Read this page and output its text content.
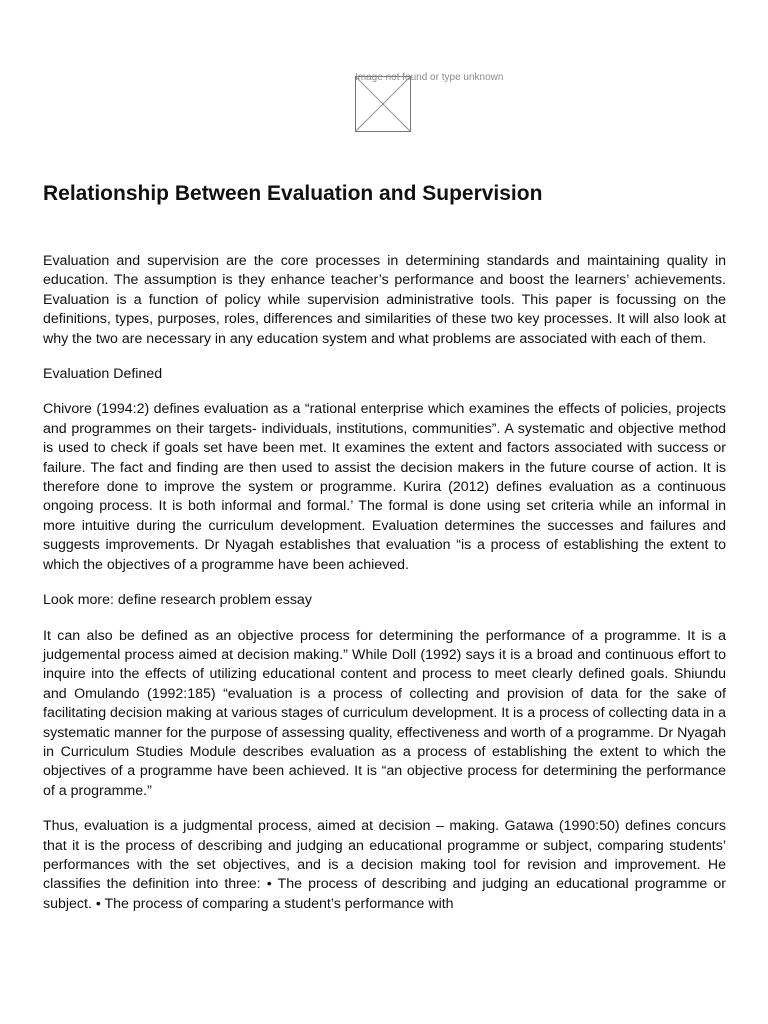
Image not found or type unknown
Relationship Between Evaluation and Supervision

Evaluation and supervision are the core processes in determining standards and maintaining quality in education. The assumption is they enhance teacher’s performance and boost the learners’ achievements. Evaluation is a function of policy while supervision administrative tools. This paper is focussing on the definitions, types, purposes, roles, differences and similarities of these two key processes. It will also look at why the two are necessary in any education system and what problems are associated with each of them.

Evaluation Defined

Chivore (1994:2) defines evaluation as a “rational enterprise which examines the effects of policies, projects and programmes on their targets- individuals, institutions, communities”. A systematic and objective method is used to check if goals set have been met. It examines the extent and factors associated with success or failure. The fact and finding are then used to assist the decision makers in the future course of action. It is therefore done to improve the system or programme. Kurira (2012) defines evaluation as a continuous ongoing process. It is both informal and formal.’ The formal is done using set criteria while an informal in more intuitive during the curriculum development. Evaluation determines the successes and failures and suggests improvements. Dr Nyagah establishes that evaluation “is a process of establishing the extent to which the objectives of a programme have been achieved.

Look more: define research problem essay

It can also be defined as an objective process for determining the performance of a programme. It is a judgemental process aimed at decision making.” While Doll (1992) says it is a broad and continuous effort to inquire into the effects of utilizing educational content and process to meet clearly defined goals. Shiundu and Omulando (1992:185) “evaluation is a process of collecting and provision of data for the sake of facilitating decision making at various stages of curriculum development. It is a process of collecting data in a systematic manner for the purpose of assessing quality, effectiveness and worth of a programme. Dr Nyagah in Curriculum Studies Module describes evaluation as a process of establishing the extent to which the objectives of a programme have been achieved. It is “an objective process for determining the performance of a programme.”

Thus, evaluation is a judgmental process, aimed at decision – making. Gatawa (1990:50) defines concurs that it is the process of describing and judging an educational programme or subject, comparing students’ performances with the set objectives, and is a decision making tool for revision and improvement. He classifies the definition into three: • The process of describing and judging an educational programme or subject. • The process of comparing a student’s performance with
